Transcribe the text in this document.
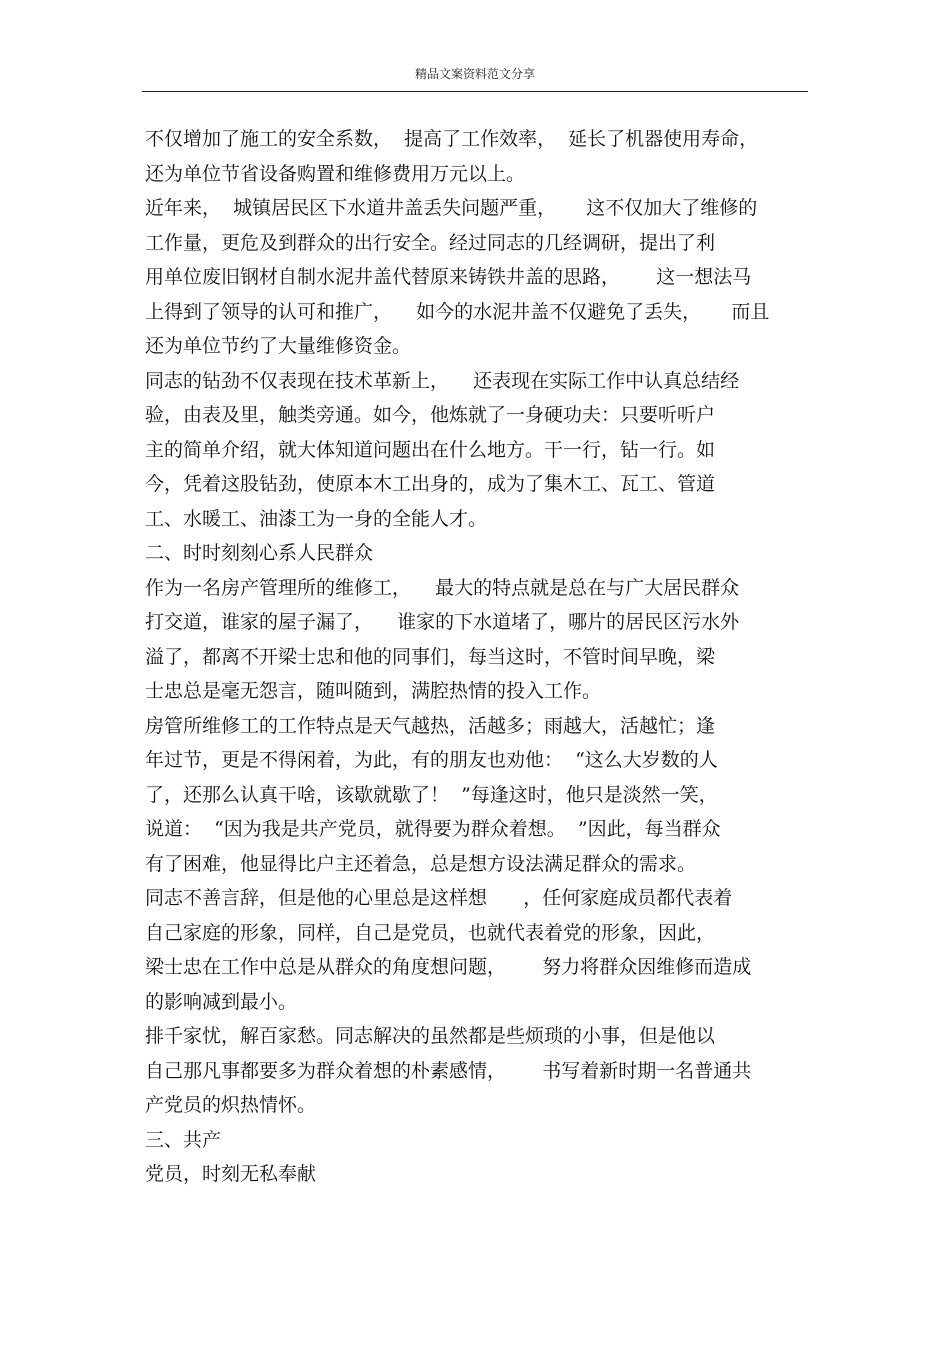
精品文案资料范文分享
不仅增加了施工的安全系数，  提高了工作效率，  延长了机器使用寿命，
还为单位节省设备购置和维修费用万元以上。
近年来，  城镇居民区下水道井盖丢失问题严重，     这不仅加大了维修的
工作量，更危及到群众的出行安全。经过同志的几经调研，提出了利
用单位废旧钢材自制水泥井盖代替原来铸铁井盖的思路，      这一想法马
上得到了领导的认可和推广，    如今的水泥井盖不仅避免了丢失，     而且
还为单位节约了大量维修资金。
同志的钻劲不仅表现在技术革新上，    还表现在实际工作中认真总结经
验，由表及里，触类旁通。如今，他炼就了一身硬功夫：只要听听户
主的简单介绍，就大体知道问题出在什么地方。干一行，钻一行。如
今，凭着这股钻劲，使原本木工出身的，成为了集木工、瓦工、管道
工、水暖工、油漆工为一身的全能人才。
二、时时刻刻心系人民群众
作为一名房产管理所的维修工，    最大的特点就是总在与广大居民群众
打交道，谁家的屋子漏了，    谁家的下水道堵了，哪片的居民区污水外
溢了，都离不开梁士忠和他的同事们，每当这时，不管时间早晚，梁
士忠总是毫无怨言，随叫随到，满腔热情的投入工作。
房管所维修工的工作特点是天气越热，活越多；雨越大，活越忙；逢
年过节，更是不得闲着，为此，有的朋友也劝他：  “这么大岁数的人
了，还那么认真干啥，该歇就歇了！  ”每逢这时，他只是淡然一笑，
说道：  “因为我是共产党员，就得要为群众着想。  ”因此，每当群众
有了困难，他显得比户主还着急，总是想方设法满足群众的需求。
同志不善言辞，但是他的心里总是这样想      ，任何家庭成员都代表着
自己家庭的形象，同样，自己是党员，也就代表着党的形象，因此，
梁士忠在工作中总是从群众的角度想问题，      努力将群众因维修而造成
的影响减到最小。
排千家忧，解百家愁。同志解决的虽然都是些烦琐的小事，但是他以
自己那凡事都要多为群众着想的朴素感情，      书写着新时期一名普通共
产党员的炽热情怀。
三、共产
党员，时刻无私奉献
